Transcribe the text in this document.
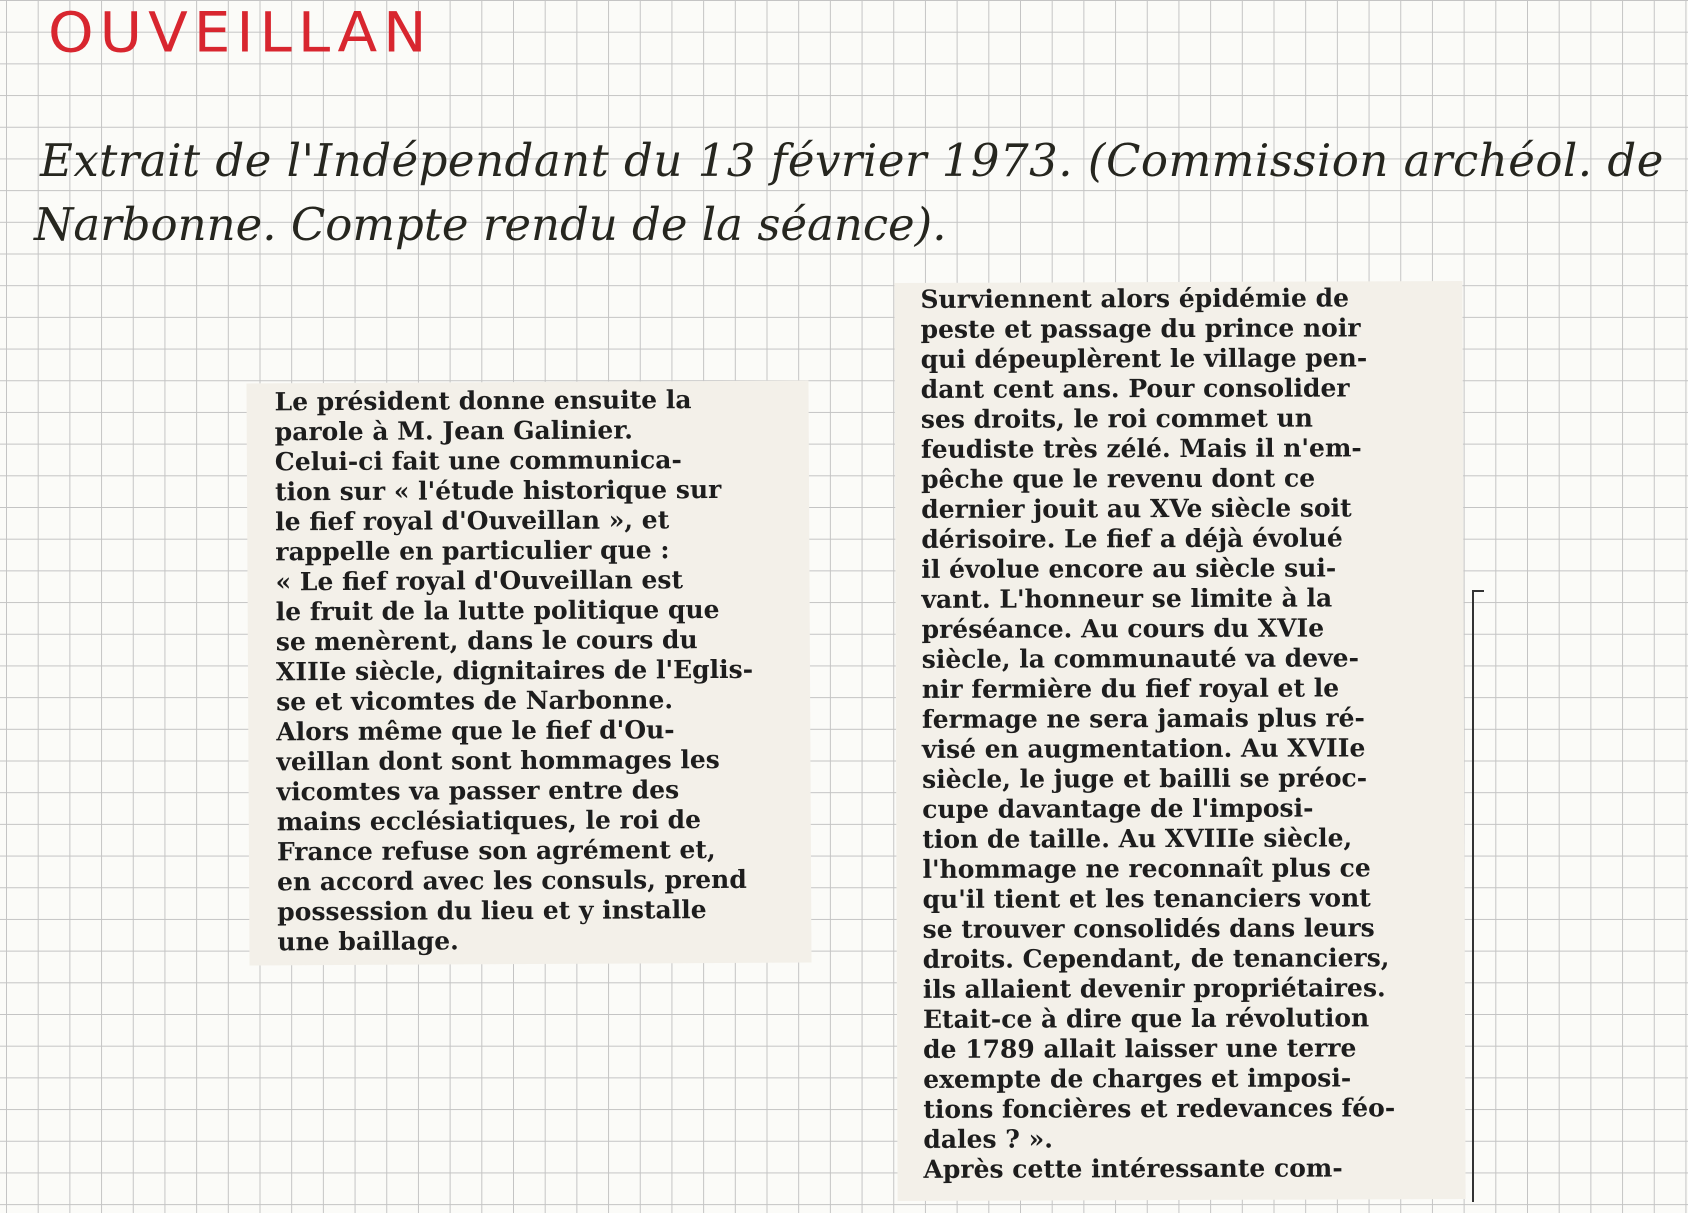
OUVEILLAN
Extrait de l'Indépendant du 13 février 1973. (Commission archéol. de
Narbonne. Compte rendu de la séance).
Le président donne ensuite la
parole à M. Jean Galinier.
Celui-ci fait une communica-
tion sur « l'étude historique sur
le fief royal d'Ouveillan », et
rappelle en particulier que :
« Le fief royal d'Ouveillan est
le fruit de la lutte politique que
se menèrent, dans le cours du
XIIIe siècle, dignitaires de l'Eglis-
se et vicomtes de Narbonne.
Alors même que le fief d'Ou-
veillan dont sont hommages les
vicomtes va passer entre des
mains ecclésiatiques, le roi de
France refuse son agrément et,
en accord avec les consuls, prend
possession du lieu et y installe
une baillage.
Surviennent alors épidémie de
peste et passage du prince noir
qui dépeuplèrent le village pen-
dant cent ans. Pour consolider
ses droits, le roi commet un
feudiste très zélé. Mais il n'em-
pêche que le revenu dont ce
dernier jouit au XVe siècle soit
dérisoire. Le fief a déjà évolué
il évolue encore au siècle sui-
vant. L'honneur se limite à la
préséance. Au cours du XVIe
siècle, la communauté va deve-
nir fermière du fief royal et le
fermage ne sera jamais plus ré-
visé en augmentation. Au XVIIe
siècle, le juge et bailli se préoc-
cupe davantage de l'imposi-
tion de taille. Au XVIIIe siècle,
l'hommage ne reconnaît plus ce
qu'il tient et les tenanciers vont
se trouver consolidés dans leurs
droits. Cependant, de tenanciers,
ils allaient devenir propriétaires.
Etait-ce à dire que la révolution
de 1789 allait laisser une terre
exempte de charges et imposi-
tions foncières et redevances féo-
dales ? ».
Après cette intéressante com-
